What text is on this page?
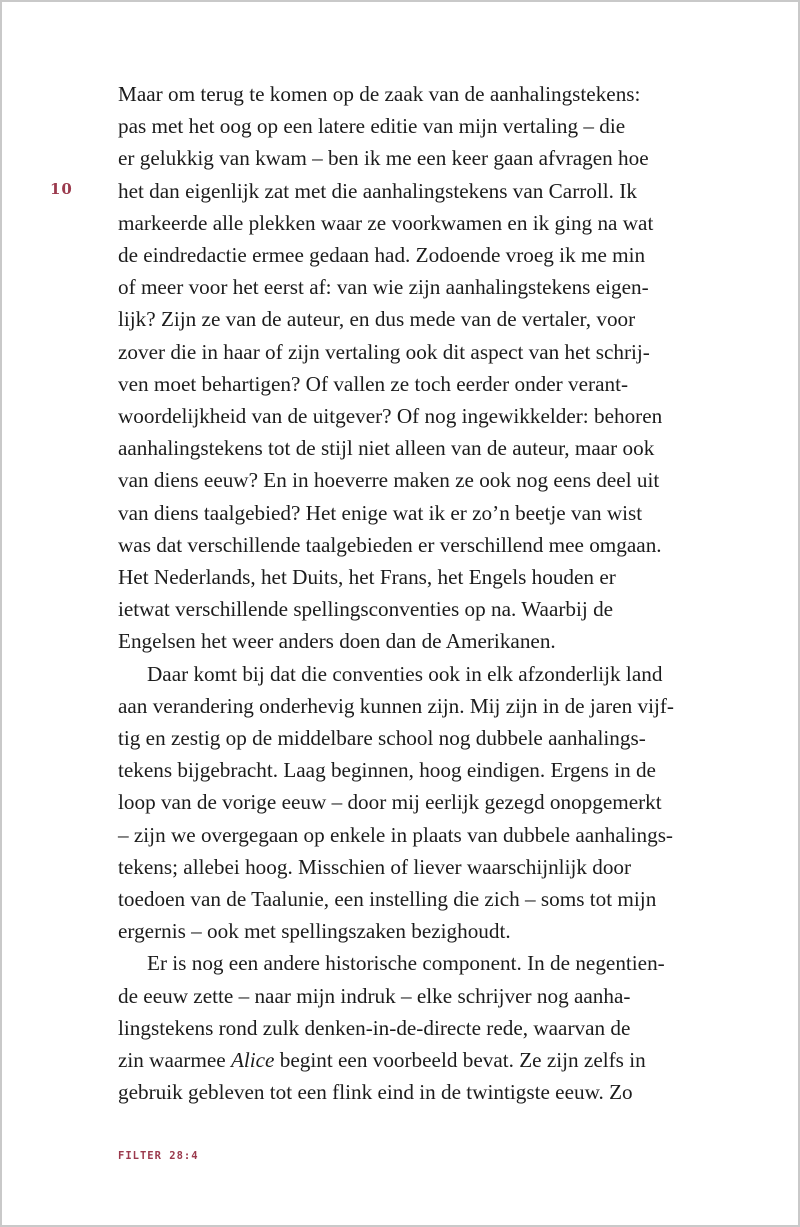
10
Maar om terug te komen op de zaak van de aanhalingstekens:
pas met het oog op een latere editie van mijn vertaling – die
er gelukkig van kwam – ben ik me een keer gaan afvragen hoe
het dan eigenlijk zat met die aanhalingstekens van Carroll. Ik
markeerde alle plekken waar ze voorkwamen en ik ging na wat
de eindredactie ermee gedaan had. Zodoende vroeg ik me min
of meer voor het eerst af: van wie zijn aanhalingstekens eigen-
lijk? Zijn ze van de auteur, en dus mede van de vertaler, voor
zover die in haar of zijn vertaling ook dit aspect van het schrij-
ven moet behartigen? Of vallen ze toch eerder onder verant-
woordelijkheid van de uitgever? Of nog ingewikkelder: behoren
aanhalingstekens tot de stijl niet alleen van de auteur, maar ook
van diens eeuw? En in hoeverre maken ze ook nog eens deel uit
van diens taalgebied? Het enige wat ik er zo’n beetje van wist
was dat verschillende taalgebieden er verschillend mee omgaan.
Het Nederlands, het Duits, het Frans, het Engels houden er
ietwat verschillende spellingsconventies op na. Waarbij de
Engelsen het weer anders doen dan de Amerikanen.
Daar komt bij dat die conventies ook in elk afzonderlijk land
aan verandering onderhevig kunnen zijn. Mij zijn in de jaren vijf-
tig en zestig op de middelbare school nog dubbele aanhalings-
tekens bijgebracht. Laag beginnen, hoog eindigen. Ergens in de
loop van de vorige eeuw – door mij eerlijk gezegd onopgemerkt
– zijn we overgegaan op enkele in plaats van dubbele aanhalings-
tekens; allebei hoog. Misschien of liever waarschijnlijk door
toedoen van de Taalunie, een instelling die zich – soms tot mijn
ergernis – ook met spellingszaken bezighoudt.
Er is nog een andere historische component. In de negentien-
de eeuw zette – naar mijn indruk – elke schrijver nog aanha-
lingstekens rond zulk denken-in-de-directe rede, waarvan de
zin waarmee Alice begint een voorbeeld bevat. Ze zijn zelfs in
gebruik gebleven tot een flink eind in de twintigste eeuw. Zo
FILTER 28:4
